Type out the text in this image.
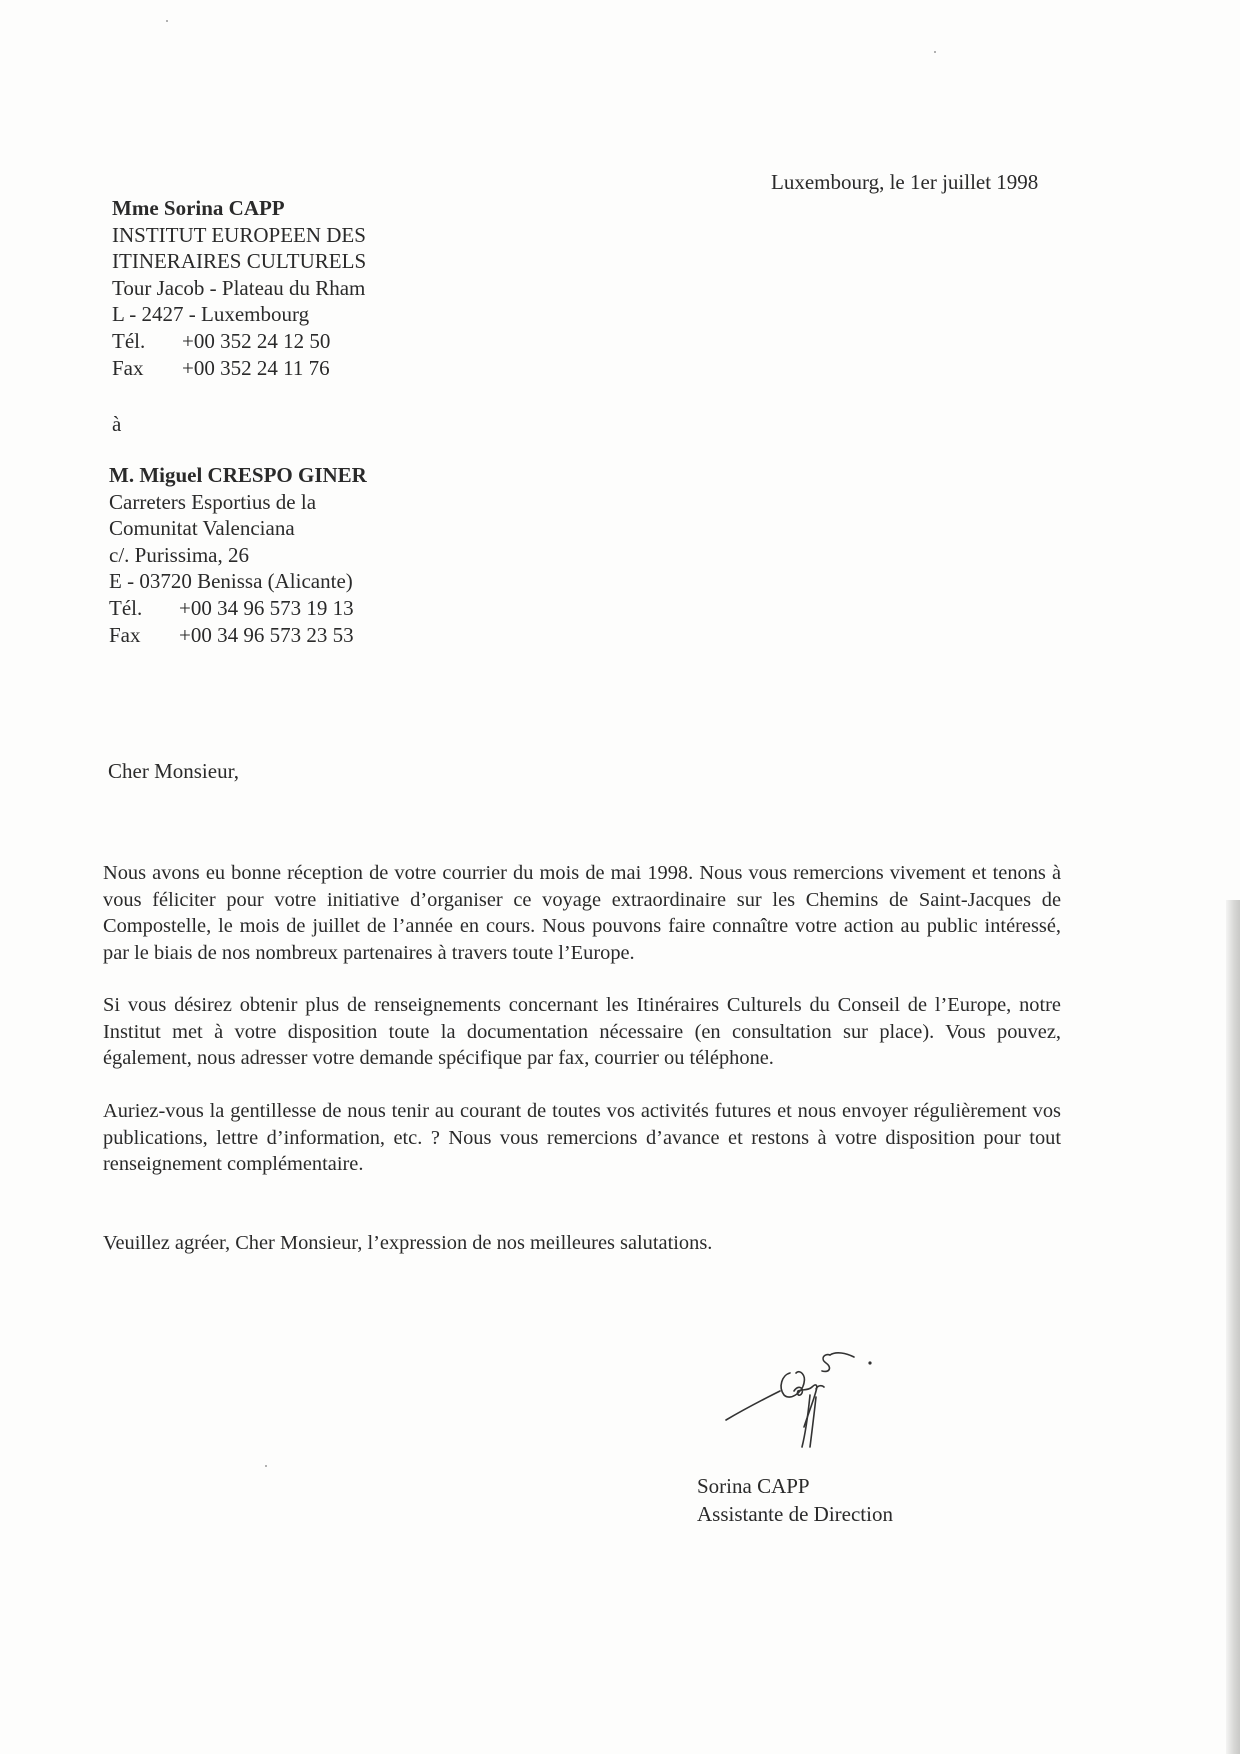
Luxembourg, le 1er juillet 1998
Mme Sorina CAPP
INSTITUT EUROPEEN DES
ITINERAIRES CULTURELS
Tour Jacob - Plateau du Rham
L - 2427 - Luxembourg
Tél. +00 352 24 12 50
Fax +00 352 24 11 76
à
M. Miguel CRESPO GINER
Carreters Esportius de la
Comunitat Valenciana
c/. Purissima, 26
E - 03720 Benissa (Alicante)
Tél. +00 34 96 573 19 13
Fax +00 34 96 573 23 53
Cher Monsieur,

Nous avons eu bonne réception de votre courrier du mois de mai 1998. Nous vous remercions vivement et tenons à vous féliciter pour votre initiative d’organiser ce voyage extraordinaire sur les Chemins de Saint-Jacques de Compostelle, le mois de juillet de l’année en cours. Nous pouvons faire connaître votre action au public intéressé, par le biais de nos nombreux partenaires à travers toute l’Europe.

Si vous désirez obtenir plus de renseignements concernant les Itinéraires Culturels du Conseil de l’Europe, notre Institut met à votre disposition toute la documentation nécessaire (en consultation sur place). Vous pouvez, également, nous adresser votre demande spécifique par fax, courrier ou téléphone.

Auriez-vous la gentillesse de nous tenir au courant de toutes vos activités futures et nous envoyer régulièrement vos publications, lettre d’information, etc. ? Nous vous remercions d’avance et restons à votre disposition pour tout renseignement complémentaire.

Veuillez agréer, Cher Monsieur, l’expression de nos meilleures salutations.
Sorina CAPP
Assistante de Direction
